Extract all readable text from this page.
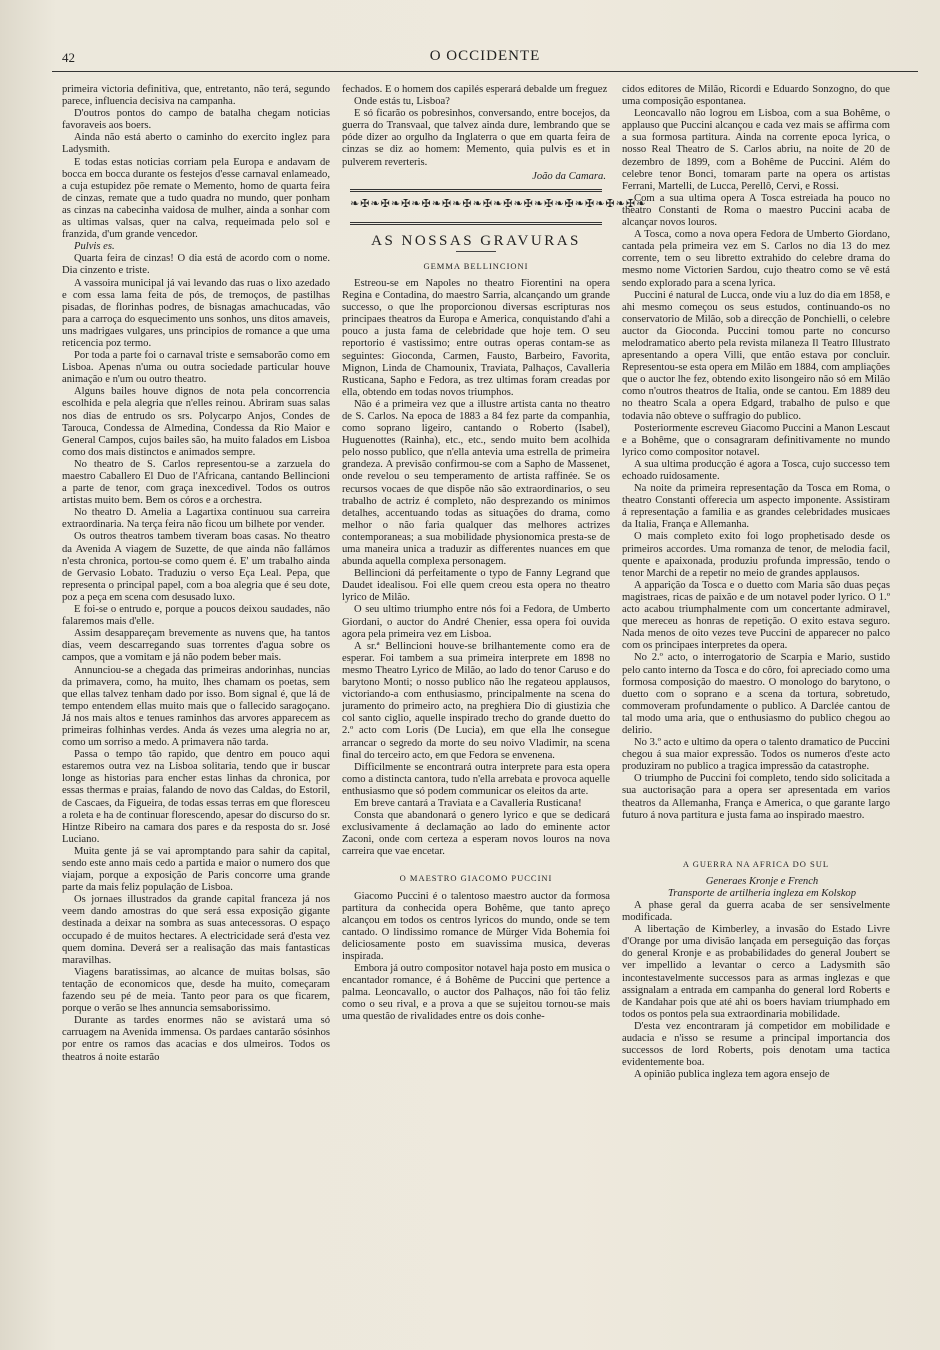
42	O OCCIDENTE

primeira victoria definitiva, que, entretanto, não terá, segundo parece, influencia decisiva na campanha.

D'outros pontos do campo de batalha chegam noticias favoraveis aos boers.

Ainda não está aberto o caminho do exercito inglez para Ladysmith.

E todas estas noticias corriam pela Europa e andavam de bocca em bocca durante os festejos d'esse carnaval enlameado, a cuja estupidez põe remate o Memento, homo de quarta feira de cinzas, remate que a tudo quadra no mundo, quer ponham as cinzas na cabecinha vaidosa de mulher, ainda a sonhar com as ultimas valsas, quer na calva, requeimada pelo sol e franzida, d'um grande vencedor.

Pulvis es.

Quarta feira de cinzas! O dia está de acordo com o nome. Dia cinzento e triste.

A vassoira municipal já vai levando das ruas o lixo azedado e com essa lama feita de pós, de tremoços, de pastilhas pisadas, de florinhas podres, de bisnagas amachucadas, vão para a carroça do esquecimento uns sonhos, uns ditos amaveis, uns madrigaes vulgares, uns principios de romance a que uma reticencia poz termo.

Por toda a parte foi o carnaval triste e semsaborão como em Lisboa. Apenas n'uma ou outra sociedade particular houve animação e n'um ou outro theatro.

Alguns bailes houve dignos de nota pela concorrencia escolhida e pela alegria que n'elles reinou. Abriram suas salas nos dias de entrudo os srs. Polycarpo Anjos, Condes de Tarouca, Condessa de Almedina, Condessa da Rio Maior e General Campos, cujos bailes são, ha muito falados em Lisboa como dos mais distinctos e animados sempre.

No theatro de S. Carlos representou-se a zarzuela do maestro Caballero El Duo de l'Africana, cantando Bellincioni a parte de tenor, com graça inexcedivel. Todos os outros artistas muito bem. Bem os córos e a orchestra.

No theatro D. Amelia a Lagartixa continuou sua carreira extraordinaria. Na terça feira não ficou um bilhete por vender.

Os outros theatros tambem tiveram boas casas. No theatro da Avenida A viagem de Suzette, de que ainda não fallámos n'esta chronica, portou-se como quem é. E' um trabalho ainda de Gervasio Lobato. Traduziu o verso Eça Leal. Pepa, que representa o principal papel, com a boa alegria que é seu dote, poz a peça em scena com desusado luxo.

E foi-se o entrudo e, porque a poucos deixou saudades, não falaremos mais d'elle.

Assim desappareçam brevemente as nuvens que, ha tantos dias, veem descarregando suas torrentes d'agua sobre os campos, que a vomitam e já não podem beber mais.

Annunciou-se a chegada das primeiras andorinhas, nuncias da primavera, como, ha muito, lhes chamam os poetas, sem que ellas talvez tenham dado por isso. Bom signal é, que lá de tempo entendem ellas muito mais que o fallecido saragoçano. Já nos mais altos e tenues raminhos das arvores apparecem as primeiras folhinhas verdes. Anda ás vezes uma alegria no ar, como um sorriso a medo. A primavera não tarda.

Passa o tempo tão rapido, que dentro em pouco aqui estaremos outra vez na Lisboa solitaria, tendo que ir buscar longe as historias para encher estas linhas da chronica, por essas thermas e praias, falando de novo das Caldas, do Estoril, de Cascaes, da Figueira, de todas essas terras em que floresceu a roleta e ha de continuar florescendo, apesar do discurso do sr. Hintze Ribeiro na camara dos pares e da resposta do sr. José Luciano.

Muita gente já se vai apromptando para sahir da capital, sendo este anno mais cedo a partida e maior o numero dos que viajam, porque a exposição de Paris concorre uma grande parte da mais feliz população de Lisboa.

Os jornaes illustrados da grande capital franceza já nos veem dando amostras do que será essa exposição gigante destinada a deixar na sombra as suas antecessoras. O espaço occupado é de muitos hectares. A electricidade será d'esta vez quem domina. Deverá ser a realisação das mais fantasticas maravilhas.

Viagens baratissimas, ao alcance de muitas bolsas, são tentação de economicos que, desde ha muito, começaram fazendo seu pé de meia. Tanto peor para os que ficarem, porque o verão se lhes annuncia semsaborissimo.

Durante as tardes enormes não se avistará uma só carruagem na Avenida immensa. Os pardaes cantarão sósinhos por entre os ramos das acacias e dos ulmeiros. Todos os theatros á noite estarão

fechados. E o homem dos capilés esperará debalde um freguez

Onde estás tu, Lisboa?

E só ficarão os pobresinhos, conversando, entre bocejos, da guerra do Transvaal, que talvez ainda dure, lembrando que se póde dizer ao orgulho da Inglaterra o que em quarta feira de cinzas se diz ao homem: Memento, quia pulvis es et in pulverem reverteris.

João da Camara.
❧✠❧✠❧✠❧✠❧✠❧✠❧✠❧✠❧✠❧✠❧✠❧✠❧✠❧✠❧
AS NOSSAS GRAVURAS
GEMMA BELLINCIONI

Estreou-se em Napoles no theatro Fiorentini na opera Regina e Contadina, do maestro Sarria, alcançando um grande successo, o que lhe proporcionou diversas escripturas nos principaes theatros da Europa e America, conquistando d'ahi a pouco a justa fama de celebridade que hoje tem. O seu reportorio é vastissimo; entre outras operas contam-se as seguintes: Gioconda, Carmen, Fausto, Barbeiro, Favorita, Mignon, Linda de Chamounix, Traviata, Palhaços, Cavalleria Rusticana, Sapho e Fedora, as trez ultimas foram creadas por ella, obtendo em todas novos triumphos.

Não é a primeira vez que a illustre artista canta no theatro de S. Carlos. Na epoca de 1883 a 84 fez parte da companhia, como soprano ligeiro, cantando o Roberto (Isabel), Huguenottes (Rainha), etc., etc., sendo muito bem acolhida pelo nosso publico, que n'ella antevia uma estrella de primeira grandeza. A previsão confirmou-se com a Sapho de Massenet, onde revelou o seu temperamento de artista raffinée. Se os recursos vocaes de que dispõe não são extraordinarios, o seu trabalho de actriz é completo, não desprezando os minimos detalhes, accentuando todas as situações do drama, como melhor o não faria qualquer das melhores actrizes contemporaneas; a sua mobilidade physionomica presta-se de uma maneira unica a traduzir as differentes nuances em que abunda aquella complexa personagem.

Bellincioni dá perfeitamente o typo de Fanny Legrand que Daudet idealisou. Foi elle quem creou esta opera no theatro lyrico de Milão.

O seu ultimo triumpho entre nós foi a Fedora, de Umberto Giordani, o auctor do André Chenier, essa opera foi ouvida agora pela primeira vez em Lisboa.

A sr.ª Bellincioni houve-se brilhantemente como era de esperar. Foi tambem a sua primeira interprete em 1898 no mesmo Theatro Lyrico de Milão, ao lado do tenor Caruso e do barytono Monti; o nosso publico não lhe regateou applausos, victoriando-a com enthusiasmo, principalmente na scena do juramento do primeiro acto, na preghiera Dio di giustizia che col santo ciglio, aquelle inspirado trecho do grande duetto do 2.º acto com Loris (De Lucia), em que ella lhe consegue arrancar o segredo da morte do seu noivo Vladimir, na scena final do terceiro acto, em que Fedora se envenena.

Difficilmente se encontrará outra interprete para esta opera como a distincta cantora, tudo n'ella arrebata e provoca aquelle enthusiasmo que só podem communicar os eleitos da arte.

Em breve cantará a Traviata e a Cavalleria Rusticana!

Consta que abandonará o genero lyrico e que se dedicará exclusivamente á declamação ao lado do eminente actor Zaconi, onde com certeza a esperam novos louros na nova carreira que vae encetar.

O MAESTRO GIACOMO PUCCINI

Giacomo Puccini é o talentoso maestro auctor da formosa partitura da conhecida opera Bohême, que tanto apreço alcançou em todos os centros lyricos do mundo, onde se tem cantado. O lindissimo romance de Mürger Vida Bohemia foi deliciosamente posto em suavissima musica, deveras inspirada.

Embora já outro compositor notavel haja posto em musica o encantador romance, é á Bohême de Puccini que pertence a palma. Leoncavallo, o auctor dos Palhaços, não foi tão feliz como o seu rival, e a prova a que se sujeitou tornou-se mais uma questão de rivalidades entre os dois conhe-

cidos editores de Milão, Ricordi e Eduardo Sonzogno, do que uma composição espontanea.

Leoncavallo não logrou em Lisboa, com a sua Bohême, o applauso que Puccini alcançou e cada vez mais se affirma com a sua formosa partitura. Ainda na corrente epoca lyrica, o nosso Real Theatro de S. Carlos abriu, na noite de 20 de dezembro de 1899, com a Bohême de Puccini. Além do celebre tenor Bonci, tomaram parte na opera os artistas Ferrani, Martelli, de Lucca, Perellô, Cervi, e Rossi.

Com a sua ultima opera A Tosca estreiada ha pouco no theatro Constanti de Roma o maestro Puccini acaba de alcançar novos louros.

A Tosca, como a nova opera Fedora de Umberto Giordano, cantada pela primeira vez em S. Carlos no dia 13 do mez corrente, tem o seu libretto extrahido do celebre drama do mesmo nome Victorien Sardou, cujo theatro como se vê está sendo explorado para a scena lyrica.

Puccini é natural de Lucca, onde viu a luz do dia em 1858, e ahi mesmo começou os seus estudos, continuando-os no conservatorio de Milão, sob a direcção de Ponchielli, o celebre auctor da Gioconda. Puccini tomou parte no concurso melodramatico aberto pela revista milaneza Il Teatro Illustrato apresentando a opera Villi, que então estava por concluir. Representou-se esta opera em Milão em 1884, com ampliações que o auctor lhe fez, obtendo exito lisongeiro não só em Milão como n'outros theatros de Italia, onde se cantou. Em 1889 deu no theatro Scala a opera Edgard, trabalho de pulso e que todavia não obteve o suffragio do publico.

Posteriormente escreveu Giacomo Puccini a Manon Lescaut e a Bohême, que o consagraram definitivamente no mundo lyrico como compositor notavel.

A sua ultima producção é agora a Tosca, cujo successo tem echoado ruidosamente.

Na noite da primeira representação da Tosca em Roma, o theatro Constanti offerecia um aspecto imponente. Assistiram á representação a familia e as grandes celebridades musicaes da Italia, França e Allemanha.

O mais completo exito foi logo prophetisado desde os primeiros accordes. Uma romanza de tenor, de melodia facil, quente e apaixonada, produziu profunda impressão, tendo o tenor Marchi de a repetir no meio de grandes applausos.

A apparição da Tosca e o duetto com Maria são duas peças magistraes, ricas de paixão e de um notavel poder lyrico. O 1.º acto acabou triumphalmente com um concertante admiravel, que mereceu as honras de repetição. O exito estava seguro. Nada menos de oito vezes teve Puccini de apparecer no palco com os principaes interpretes da opera.

No 2.º acto, o interrogatorio de Scarpia e Mario, sustido pelo canto interno da Tosca e do côro, foi apreciado como uma formosa composição do maestro. O monologo do barytono, o duetto com o soprano e a scena da tortura, sobretudo, commoveram profundamente o publico. A Darclée cantou de tal modo uma aria, que o enthusiasmo do publico chegou ao delirio.

No 3.º acto e ultimo da opera o talento dramatico de Puccini chegou á sua maior expressão. Todos os numeros d'este acto produziram no publico a tragica impressão da catastrophe.

O triumpho de Puccini foi completo, tendo sido solicitada a sua auctorisação para a opera ser apresentada em varios theatros da Allemanha, França e America, o que garante largo futuro á nova partitura e justa fama ao inspirado maestro.

A GUERRA NA AFRICA DO SUL

Generaes Kronje e French

Transporte de artilheria ingleza em Kolskop

A phase geral da guerra acaba de ser sensivelmente modificada.

A libertação de Kimberley, a invasão do Estado Livre d'Orange por uma divisão lançada em perseguição das forças do general Kronje e as probabilidades do general Joubert se ver impellido a levantar o cerco a Ladysmith são incontestavelmente successos para as armas inglezas e que assignalam a entrada em campanha do general lord Roberts e de Kandahar pois que até ahi os boers haviam triumphado em todos os pontos pela sua extraordinaria mobilidade.

D'esta vez encontraram já competidor em mobilidade e audacia e n'isso se resume a principal importancia dos successos de lord Roberts, pois denotam uma tactica evidentemente boa.

A opinião publica ingleza tem agora ensejo de
